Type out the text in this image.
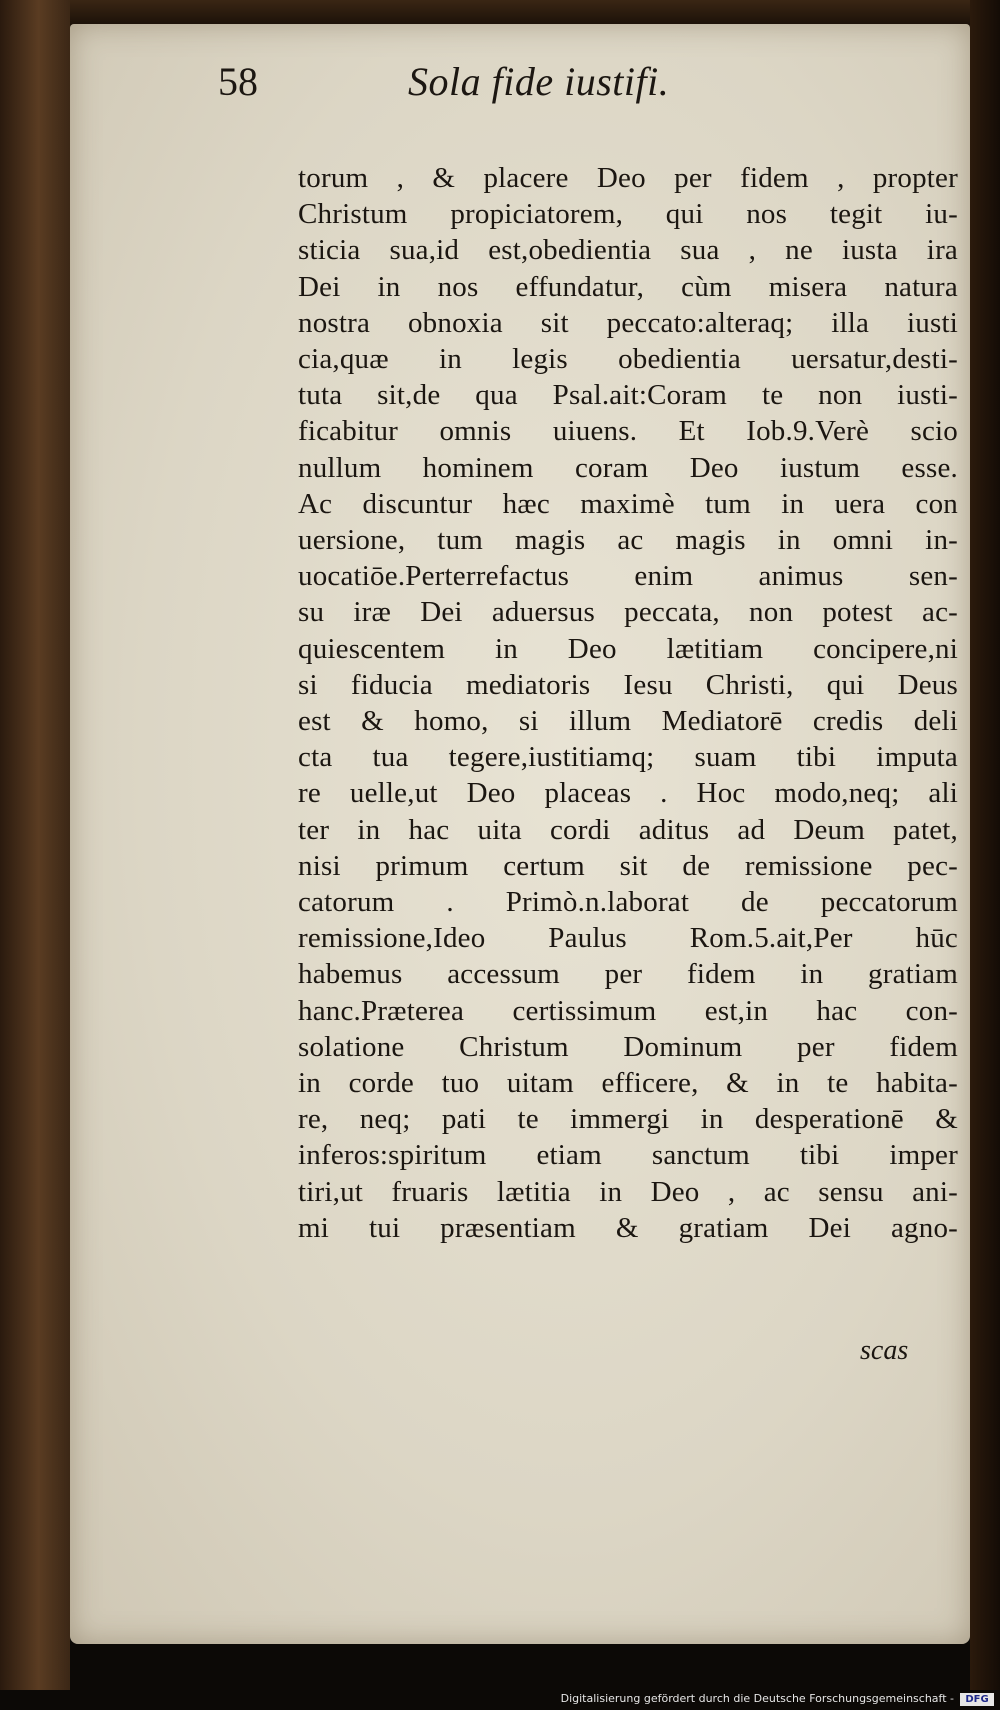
58	Sola fide iustifi.
torum , & placere Deo per fidem , propter
Christum propiciatorem, qui nos tegit iu-
sticia sua,id est,obedientia sua , ne iusta ira
Dei in nos effundatur, cùm misera natura
nostra obnoxia sit peccato:alteraq; illa iusti
cia,quæ in legis obedientia uersatur,desti-
tuta sit,de qua Psal.ait:Coram te non iusti-
ficabitur omnis uiuens. Et Iob.9.Verè scio
nullum hominem coram Deo iustum esse.
Ac discuntur hæc maximè tum in uera con
uersione, tum magis ac magis in omni in-
uocatiōe.Perterrefactus enim animus sen-
su iræ Dei aduersus peccata, non potest ac-
quiescentem in Deo lætitiam concipere,ni
si fiducia mediatoris Iesu Christi, qui Deus
est & homo, si illum Mediatorē credis deli
cta tua tegere,iustitiamq; suam tibi imputa
re uelle,ut Deo placeas . Hoc modo,neq; ali
ter in hac uita cordi aditus ad Deum patet,
nisi primum certum sit de remissione pec-
catorum . Primò.n.laborat de peccatorum
remissione,Ideo Paulus Rom.5.ait,Per hūc
habemus accessum per fidem in gratiam
hanc.Præterea certissimum est,in hac con-
solatione Christum Dominum per fidem
in corde tuo uitam efficere, & in te habita-
re, neq; pati te immergi in desperationē &
inferos:spiritum etiam sanctum tibi imper
tiri,ut fruaris lætitia in Deo , ac sensu ani-
mi tui præsentiam & gratiam Dei agno-
scas
Digitalisierung gefördert durch die Deutsche Forschungsgemeinschaft -	DFG
